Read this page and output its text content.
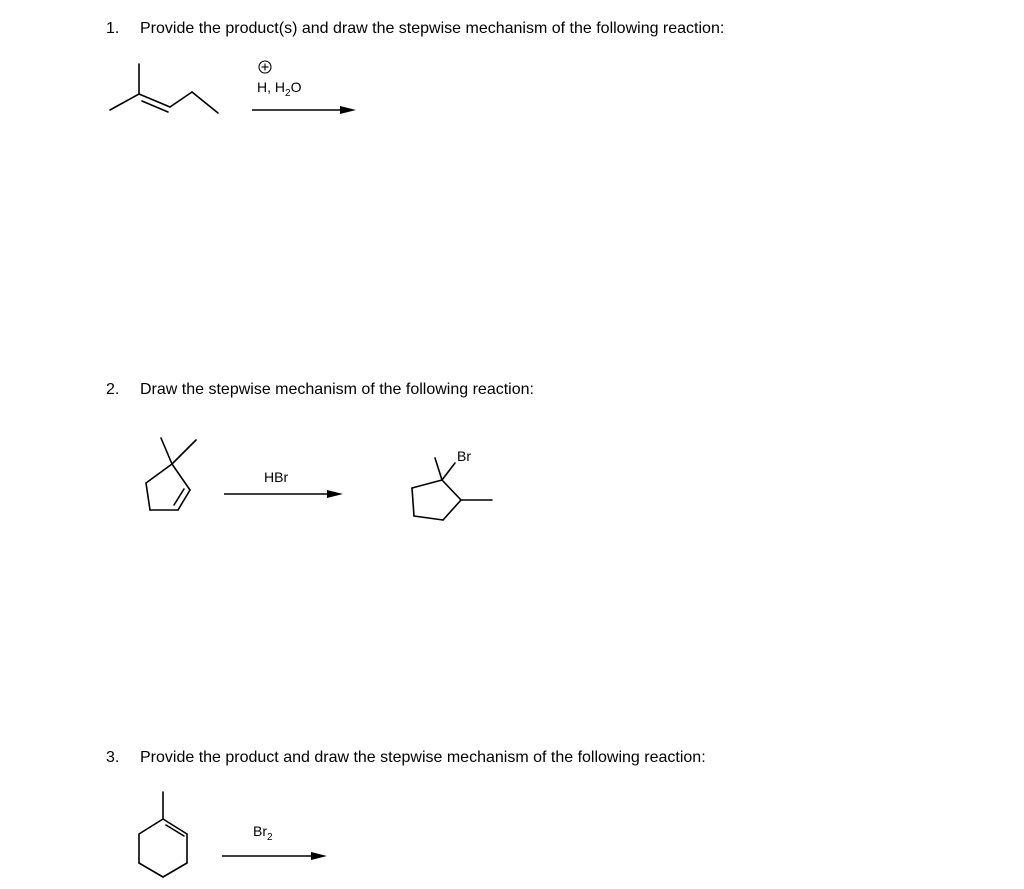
1. Provide the product(s) and draw the stepwise mechanism of the following reaction:
H, $H_2O$
2. Draw the stepwise mechanism of the following reaction:
HBr
Br
3. Provide the product and draw the stepwise mechanism of the following reaction:
$Br_2$
